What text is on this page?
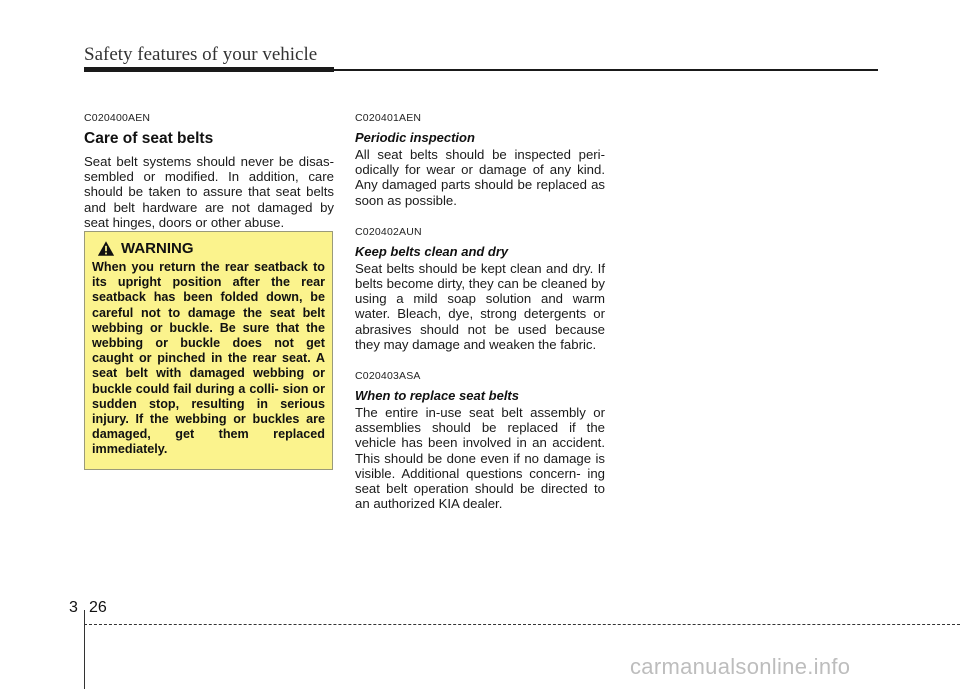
Safety features of your vehicle
C020400AEN
Care of seat belts

Seat belt systems should never be disas- sembled or modified. In addition, care should be taken to assure that seat belts and belt hardware are not damaged by seat hinges, doors or other abuse.

WARNING

When you return the rear seatback to its upright position after the rear seatback has been folded down, be careful not to damage the seat belt webbing or buckle. Be sure that the webbing or buckle does not get caught or pinched in the rear seat. A seat belt with damaged webbing or buckle could fail during a colli- sion or sudden stop, resulting in serious injury. If the webbing or buckles are damaged, get them replaced immediately.

C020401AEN
Periodic inspection

All seat belts should be inspected peri- odically for wear or damage of any kind. Any damaged parts should be replaced as soon as possible.

C020402AUN
Keep belts clean and dry

Seat belts should be kept clean and dry. If belts become dirty, they can be cleaned by using a mild soap solution and warm water. Bleach, dye, strong detergents or abrasives should not be used because they may damage and weaken the fabric.

C020403ASA
When to replace seat belts

The entire in-use seat belt assembly or assemblies should be replaced if the vehicle has been involved in an accident. This should be done even if no damage is visible. Additional questions concern- ing seat belt operation should be directed to an authorized KIA dealer.

3 26
carmanualsonline.info
